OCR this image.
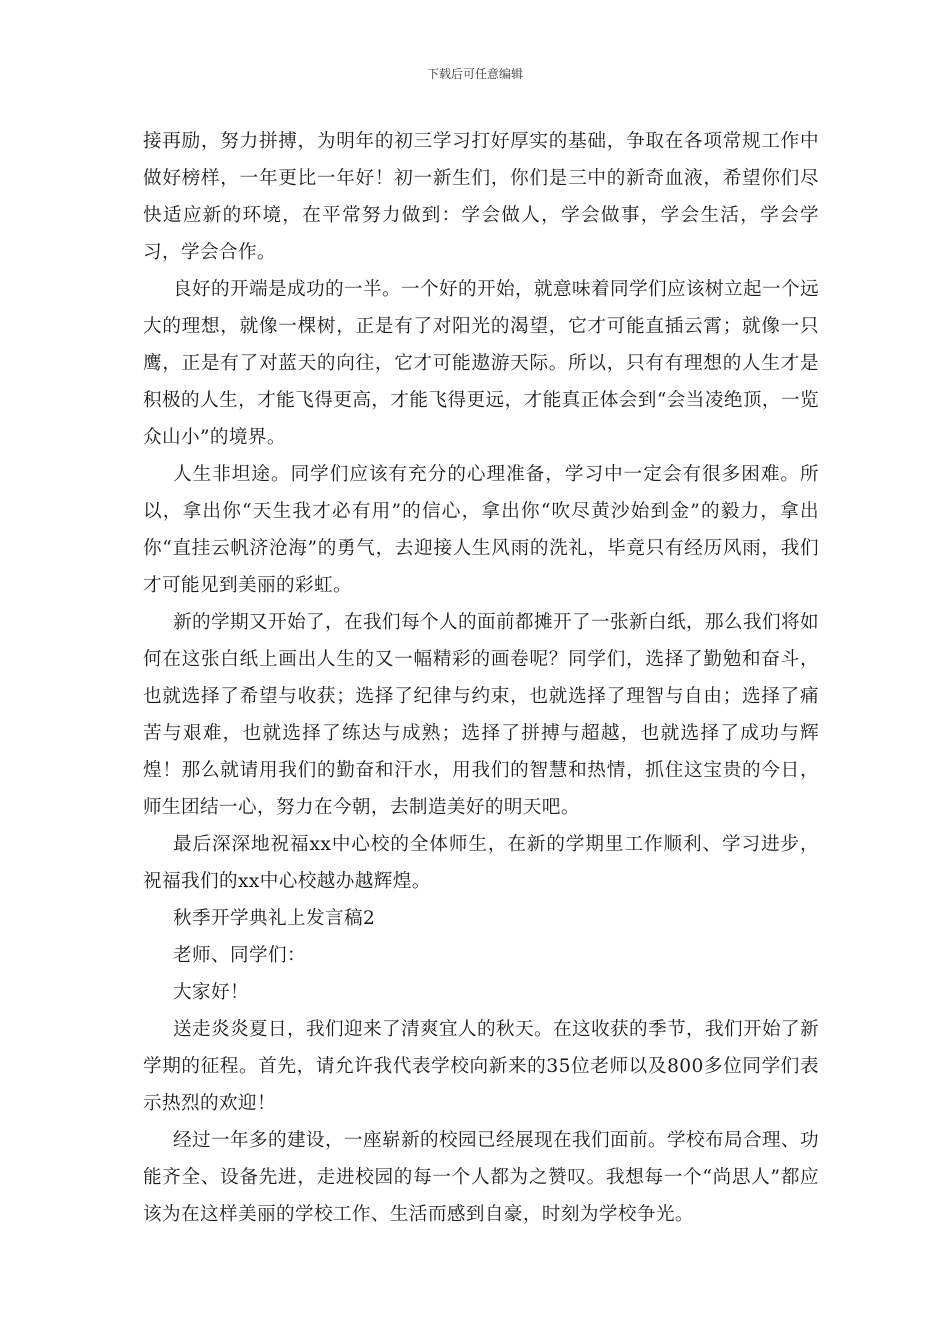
下载后可任意编辑

接再励，努力拼搏，为明年的初三学习打好厚实的基础，争取在各项常规工作中做好榜样，一年更比一年好！初一新生们，你们是三中的新奇血液，希望你们尽快适应新的环境，在平常努力做到：学会做人，学会做事，学会生活，学会学习，学会合作。

良好的开端是成功的一半。一个好的开始，就意味着同学们应该树立起一个远大的理想，就像一棵树，正是有了对阳光的渴望，它才可能直插云霄；就像一只鹰，正是有了对蓝天的向往，它才可能遨游天际。所以，只有有理想的人生才是积极的人生，才能飞得更高，才能飞得更远，才能真正体会到“会当凌绝顶，一览众山小”的境界。

人生非坦途。同学们应该有充分的心理准备，学习中一定会有很多困难。所以，拿出你“天生我才必有用”的信心，拿出你“吹尽黄沙始到金”的毅力，拿出你“直挂云帆济沧海”的勇气，去迎接人生风雨的洗礼，毕竟只有经历风雨，我们才可能见到美丽的彩虹。

新的学期又开始了，在我们每个人的面前都摊开了一张新白纸，那么我们将如何在这张白纸上画出人生的又一幅精彩的画卷呢？同学们，选择了勤勉和奋斗，也就选择了希望与收获；选择了纪律与约束，也就选择了理智与自由；选择了痛苦与艰难，也就选择了练达与成熟；选择了拼搏与超越，也就选择了成功与辉煌！那么就请用我们的勤奋和汗水，用我们的智慧和热情，抓住这宝贵的今日，师生团结一心，努力在今朝，去制造美好的明天吧。

最后深深地祝福xx中心校的全体师生，在新的学期里工作顺利、学习进步，祝福我们的xx中心校越办越辉煌。

秋季开学典礼上发言稿2

老师、同学们：

大家好！

送走炎炎夏日，我们迎来了清爽宜人的秋天。在这收获的季节，我们开始了新学期的征程。首先，请允许我代表学校向新来的35位老师以及800多位同学们表示热烈的欢迎！

经过一年多的建设，一座崭新的校园已经展现在我们面前。学校布局合理、功能齐全、设备先进，走进校园的每一个人都为之赞叹。我想每一个“尚思人”都应该为在这样美丽的学校工作、生活而感到自豪，时刻为学校争光。
